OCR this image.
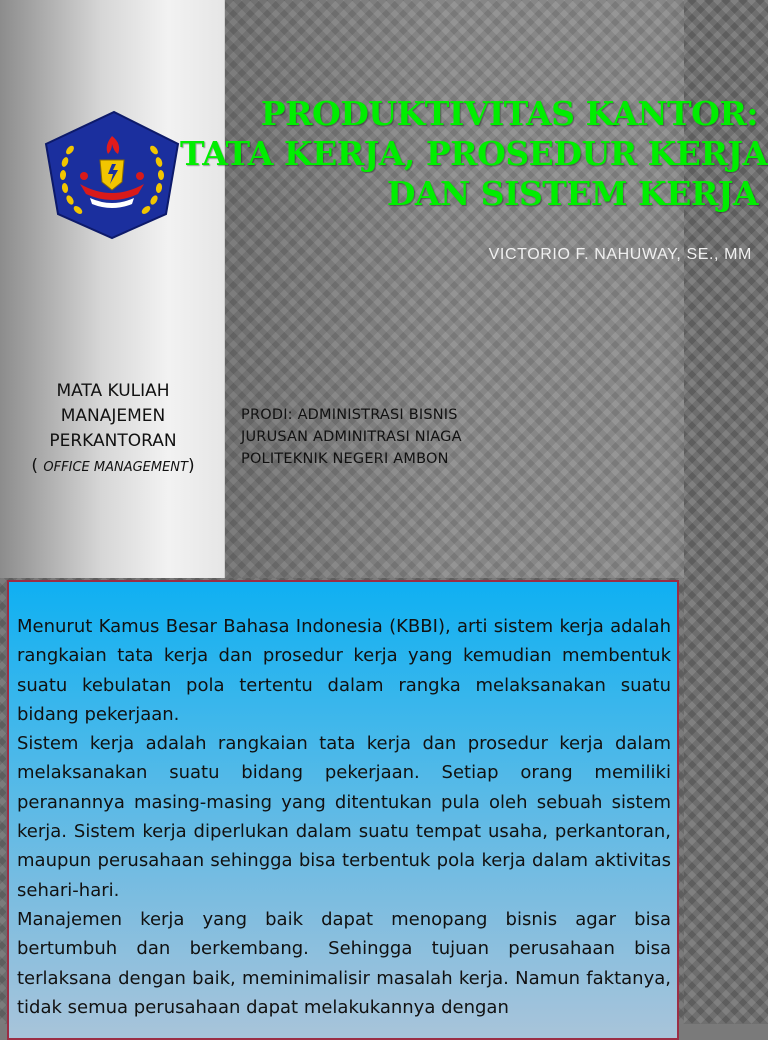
PRODUKTIVITAS KANTOR:
TATA KERJA, PROSEDUR KERJA
DAN SISTEM KERJA
VICTORIO F. NAHUWAY, SE., MM
MATA KULIAH
MANAJEMEN
PERKANTORAN
( OFFICE MANAGEMENT)
PRODI: ADMINISTRASI BISNIS
JURUSAN ADMINITRASI NIAGA
POLITEKNIK NEGERI AMBON

Menurut Kamus Besar Bahasa Indonesia (KBBI), arti sistem kerja adalah rangkaian tata kerja dan prosedur kerja yang kemudian membentuk suatu kebulatan pola tertentu dalam rangka melaksanakan suatu bidang pekerjaan.

Sistem kerja adalah rangkaian tata kerja dan prosedur kerja dalam melaksanakan suatu bidang pekerjaan. Setiap orang memiliki peranannya masing-masing yang ditentukan pula oleh sebuah sistem kerja. Sistem kerja diperlukan dalam suatu tempat usaha, perkantoran, maupun perusahaan sehingga bisa terbentuk pola kerja dalam aktivitas sehari-hari.

Manajemen kerja yang baik dapat menopang bisnis agar bisa bertumbuh dan berkembang. Sehingga tujuan perusahaan bisa terlaksana dengan baik, meminimalisir masalah kerja. Namun faktanya, tidak semua perusahaan dapat melakukannya dengan
